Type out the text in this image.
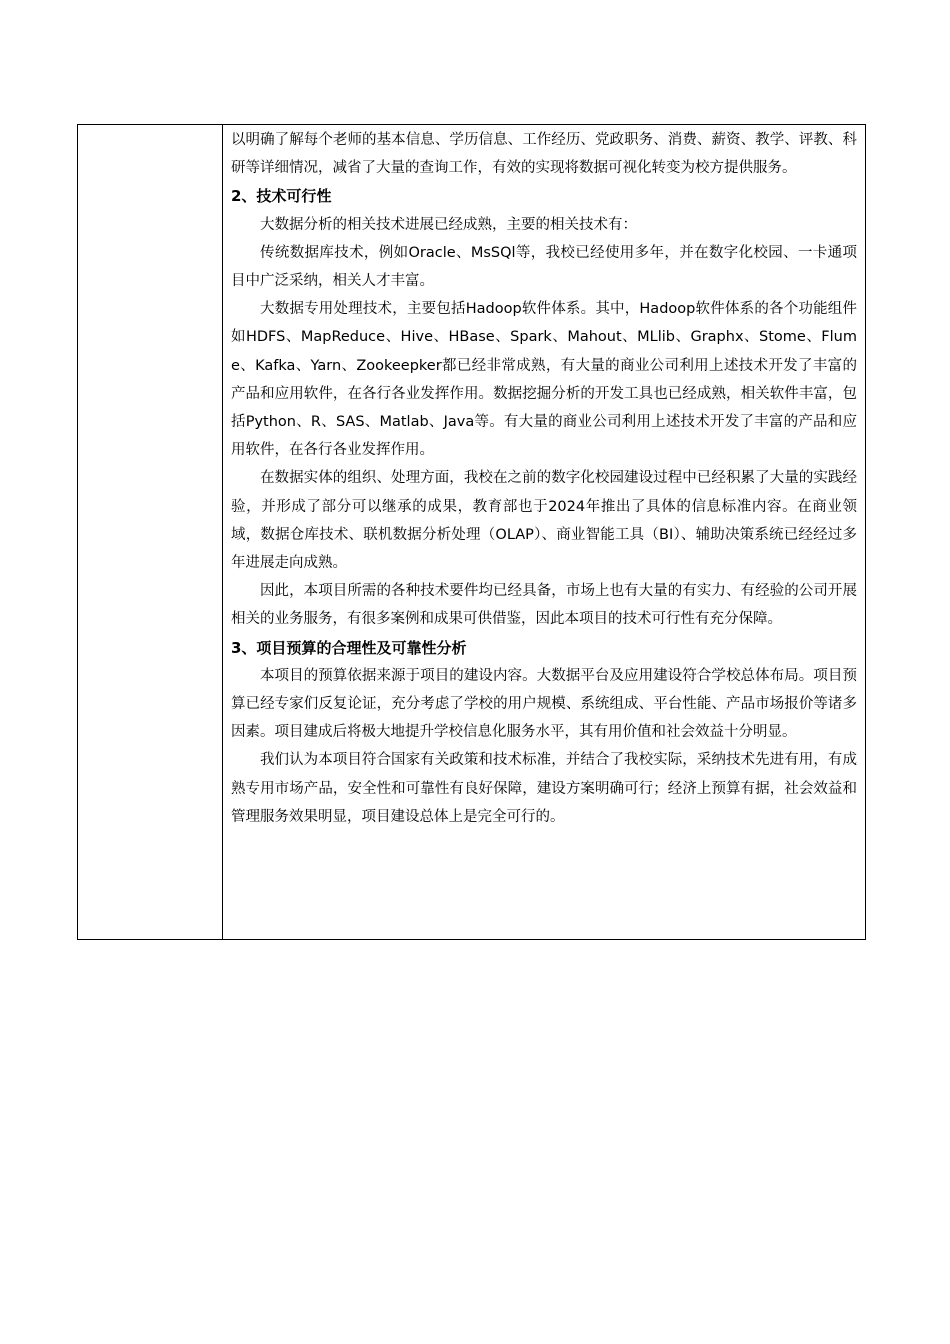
以明确了解每个老师的基本信息、学历信息、工作经历、党政职务、消费、薪资、教学、评教、科研等详细情况，减省了大量的查询工作，有效的实现将数据可视化转变为校方提供服务。

2、技术可行性

大数据分析的相关技术进展已经成熟，主要的相关技术有：

传统数据库技术，例如Oracle、MsSQl等，我校已经使用多年，并在数字化校园、一卡通项目中广泛采纳，相关人才丰富。

大数据专用处理技术，主要包括Hadoop软件体系。其中，Hadoop软件体系的各个功能组件如HDFS、MapReduce、Hive、HBase、Spark、Mahout、MLlib、Graphx、Stome、Flume、Kafka、Yarn、Zookeepker都已经非常成熟，有大量的商业公司利用上述技术开发了丰富的产品和应用软件，在各行各业发挥作用。数据挖掘分析的开发工具也已经成熟，相关软件丰富，包括Python、R、SAS、Matlab、Java等。有大量的商业公司利用上述技术开发了丰富的产品和应用软件，在各行各业发挥作用。

在数据实体的组织、处理方面，我校在之前的数字化校园建设过程中已经积累了大量的实践经验，并形成了部分可以继承的成果，教育部也于2024年推出了具体的信息标准内容。在商业领域，数据仓库技术、联机数据分析处理（OLAP）、商业智能工具（BI）、辅助决策系统已经经过多年进展走向成熟。

因此，本项目所需的各种技术要件均已经具备，市场上也有大量的有实力、有经验的公司开展相关的业务服务，有很多案例和成果可供借鉴，因此本项目的技术可行性有充分保障。

3、项目预算的合理性及可靠性分析

本项目的预算依据来源于项目的建设内容。大数据平台及应用建设符合学校总体布局。项目预算已经专家们反复论证，充分考虑了学校的用户规模、系统组成、平台性能、产品市场报价等诸多因素。项目建成后将极大地提升学校信息化服务水平，其有用价值和社会效益十分明显。

我们认为本项目符合国家有关政策和技术标准，并结合了我校实际，采纳技术先进有用，有成熟专用市场产品，安全性和可靠性有良好保障，建设方案明确可行；经济上预算有据，社会效益和管理服务效果明显，项目建设总体上是完全可行的。
